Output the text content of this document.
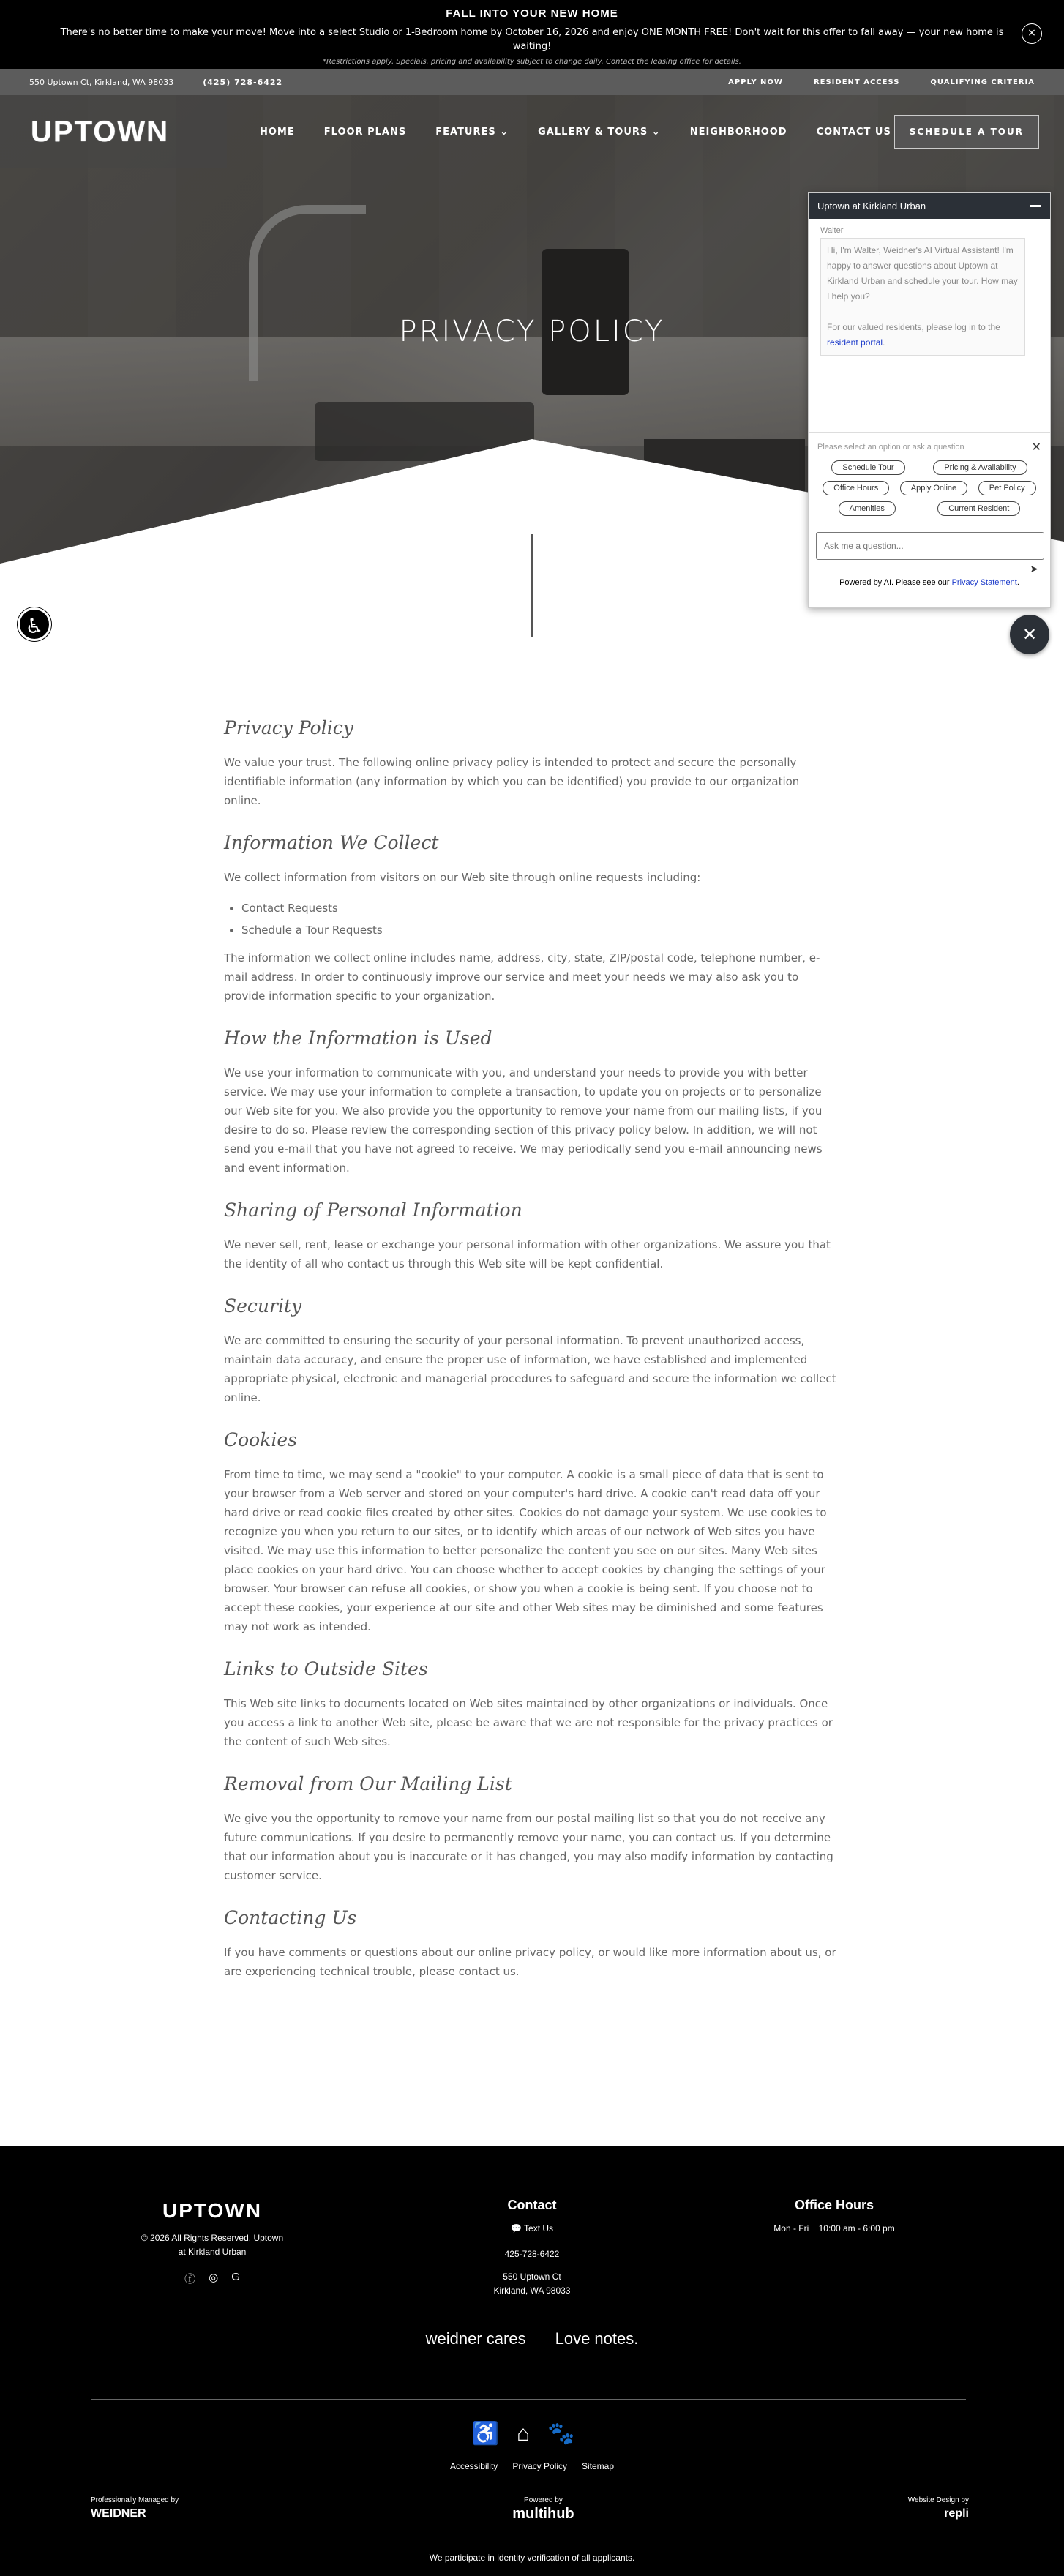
FALL INTO YOUR NEW HOME

There's no better time to make your move! Move into a select Studio or 1-Bedroom home by October 16, 2026 and enjoy ONE MONTH FREE! Don't wait for this offer to fall away — your new home is waiting!

*Restrictions apply. Specials, pricing and availability subject to change daily. Contact the leasing office for details.

×
550 Uptown Ct, Kirkland, WA 98033	(425) 728-6422	APPLY NOW	RESIDENT ACCESS	QUALIFYING CRITERIA
UPTOWN	HOME	FLOOR PLANS	FEATURES ⌄	GALLERY & TOURS ⌄	NEIGHBORHOOD	CONTACT US	SCHEDULE A TOUR
PRIVACY POLICY
♿
Uptown at Kirkland Urban
Walter
Hi, I'm Walter, Weidner's AI Virtual Assistant! I'm happy to answer questions about Uptown at Kirkland Urban and schedule your tour. How may I help you?

For our valued residents, please log in to the resident portal.
Please select an option or ask a question	✕
Schedule Tour	Pricing & Availability
Office Hours	Apply Online	Pet Policy
Amenities	Current Resident
Ask me a question...
➤
Powered by AI. Please see our Privacy Statement.
✕
Privacy Policy

We value your trust. The following online privacy policy is intended to protect and secure the personally identifiable information (any information by which you can be identified) you provide to our organization online.

Information We Collect

We collect information from visitors on our Web site through online requests including:

• Contact Requests
• Schedule a Tour Requests

The information we collect online includes name, address, city, state, ZIP/postal code, telephone number, e-mail address. In order to continuously improve our service and meet your needs we may also ask you to provide information specific to your organization.

How the Information is Used

We use your information to communicate with you, and understand your needs to provide you with better service. We may use your information to complete a transaction, to update you on projects or to personalize our Web site for you. We also provide you the opportunity to remove your name from our mailing lists, if you desire to do so. Please review the corresponding section of this privacy policy below. In addition, we will not send you e-mail that you have not agreed to receive. We may periodically send you e-mail announcing news and event information.

Sharing of Personal Information

We never sell, rent, lease or exchange your personal information with other organizations. We assure you that the identity of all who contact us through this Web site will be kept confidential.

Security

We are committed to ensuring the security of your personal information. To prevent unauthorized access, maintain data accuracy, and ensure the proper use of information, we have established and implemented appropriate physical, electronic and managerial procedures to safeguard and secure the information we collect online.

Cookies

From time to time, we may send a "cookie" to your computer. A cookie is a small piece of data that is sent to your browser from a Web server and stored on your computer's hard drive. A cookie can't read data off your hard drive or read cookie files created by other sites. Cookies do not damage your system. We use cookies to recognize you when you return to our sites, or to identify which areas of our network of Web sites you have visited. We may use this information to better personalize the content you see on our sites. Many Web sites place cookies on your hard drive. You can choose whether to accept cookies by changing the settings of your browser. Your browser can refuse all cookies, or show you when a cookie is being sent. If you choose not to accept these cookies, your experience at our site and other Web sites may be diminished and some features may not work as intended.

Links to Outside Sites

This Web site links to documents located on Web sites maintained by other organizations or individuals. Once you access a link to another Web site, please be aware that we are not responsible for the privacy practices or the content of such Web sites.

Removal from Our Mailing List

We give you the opportunity to remove your name from our postal mailing list so that you do not receive any future communications. If you desire to permanently remove your name, you can contact us. If you determine that our information about you is inaccurate or it has changed, you may also modify information by contacting customer service.

Contacting Us

If you have comments or questions about our online privacy policy, or would like more information about us, or are experiencing technical trouble, please contact us.

UPTOWN
© 2026 All Rights Reserved. Uptown at Kirkland Urban
ⓕ ◎ G
Contact
💬 Text Us
425-728-6422
550 Uptown Ct
Kirkland, WA 98033
Office Hours
Mon - Fri    10:00 am - 6:00 pm
weidner cares Love notes.
♿⌂🐾
Accessibility Privacy Policy Sitemap
Professionally Managed by
WEIDNER
Powered by
multihub
Website Design by
repli
We participate in identity verification of all applicants.
